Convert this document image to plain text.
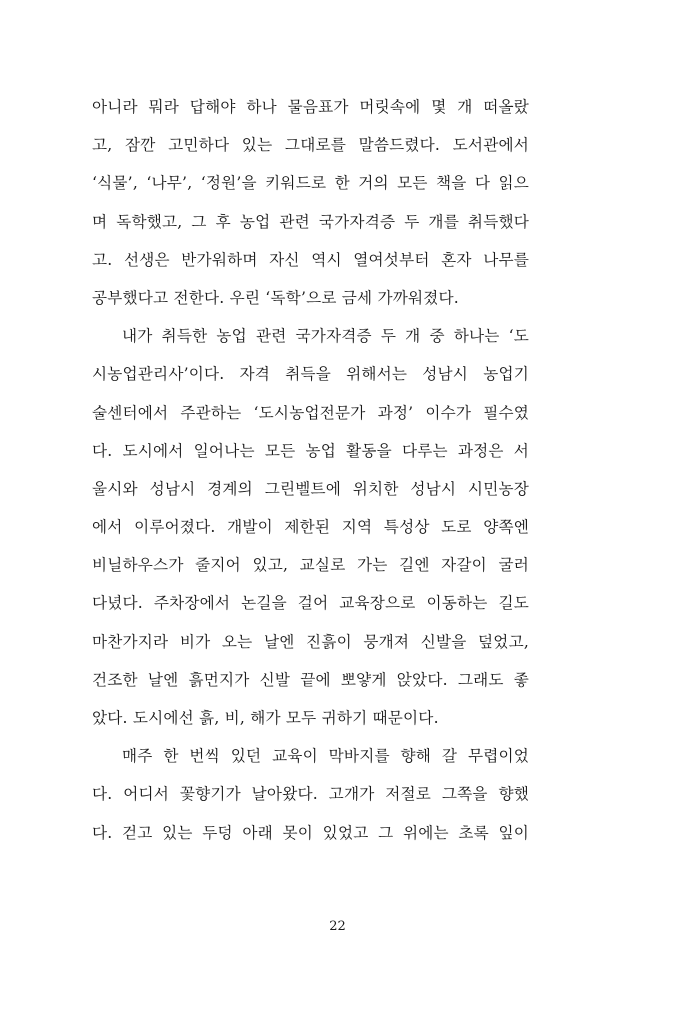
아니라 뭐라 답해야 하나 물음표가 머릿속에 몇 개 떠올랐
고, 잠깐 고민하다 있는 그대로를 말씀드렸다. 도서관에서
‘식물’, ‘나무’, ‘정원’을 키워드로 한 거의 모든 책을 다 읽으
며 독학했고, 그 후 농업 관련 국가자격증 두 개를 취득했다
고. 선생은 반가워하며 자신 역시 열여섯부터 혼자 나무를
공부했다고 전한다. 우린 ‘독학’으로 금세 가까워졌다.
내가 취득한 농업 관련 국가자격증 두 개 중 하나는 ‘도
시농업관리사’이다. 자격 취득을 위해서는 성남시 농업기
술센터에서 주관하는 ‘도시농업전문가 과정’ 이수가 필수였
다. 도시에서 일어나는 모든 농업 활동을 다루는 과정은 서
울시와 성남시 경계의 그린벨트에 위치한 성남시 시민농장
에서 이루어졌다. 개발이 제한된 지역 특성상 도로 양쪽엔
비닐하우스가 줄지어 있고, 교실로 가는 길엔 자갈이 굴러
다녔다. 주차장에서 논길을 걸어 교육장으로 이동하는 길도
마찬가지라 비가 오는 날엔 진흙이 뭉개져 신발을 덮었고,
건조한 날엔 흙먼지가 신발 끝에 뽀얗게 앉았다. 그래도 좋
았다. 도시에선 흙, 비, 해가 모두 귀하기 때문이다.
매주 한 번씩 있던 교육이 막바지를 향해 갈 무렵이었
다. 어디서 꽃향기가 날아왔다. 고개가 저절로 그쪽을 향했
다. 걷고 있는 두덩 아래 못이 있었고 그 위에는 초록 잎이
22
